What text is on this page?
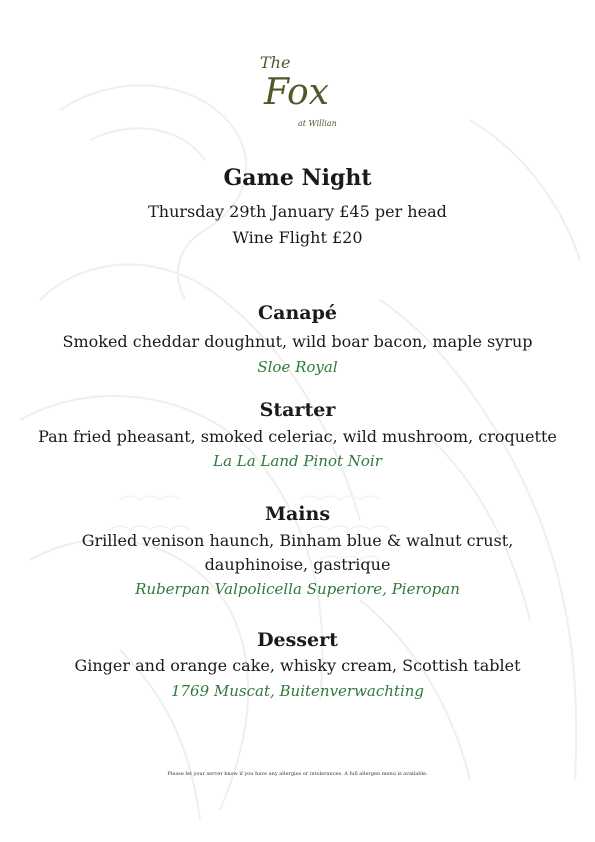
The
Fox
at Willian
Game Night

Thursday 29th January £45 per head

Wine Flight £20

Canapé

Smoked cheddar doughnut, wild boar bacon, maple syrup

Sloe Royal

Starter

Pan fried pheasant, smoked celeriac, wild mushroom, croquette

La La Land Pinot Noir

Mains

Grilled venison haunch, Binham blue & walnut crust,

dauphinoise, gastrique

Ruberpan Valpolicella Superiore, Pieropan

Dessert

Ginger and orange cake, whisky cream, Scottish tablet

1769 Muscat, Buitenverwachting

Please let your server know if you have any allergies or intolerances. A full allergen menu is available.
